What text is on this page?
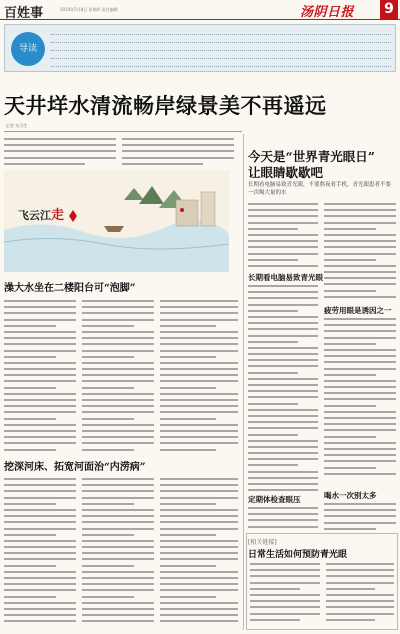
百姓事	2014年5月8日 星期四 责任编辑	汤阴日报 9
导读
天井垟水清流畅岸绿景美不再遥远
记者 实习生
飞云江走
澡大水坐在二楼阳台可“泡脚”
挖深河床、拓宽河面治“内涝病”
今天是“世界青光眼日”
让眼睛歇歇吧
长期看电脑易致青光眼，不要熬夜看手机，青光眼患者不要一次喝大量的水
长期看电脑易致青光眼
疲劳用眼是诱因之一
喝水一次别太多
定期体检查眼压
[相关链接]
日常生活如何预防青光眼
